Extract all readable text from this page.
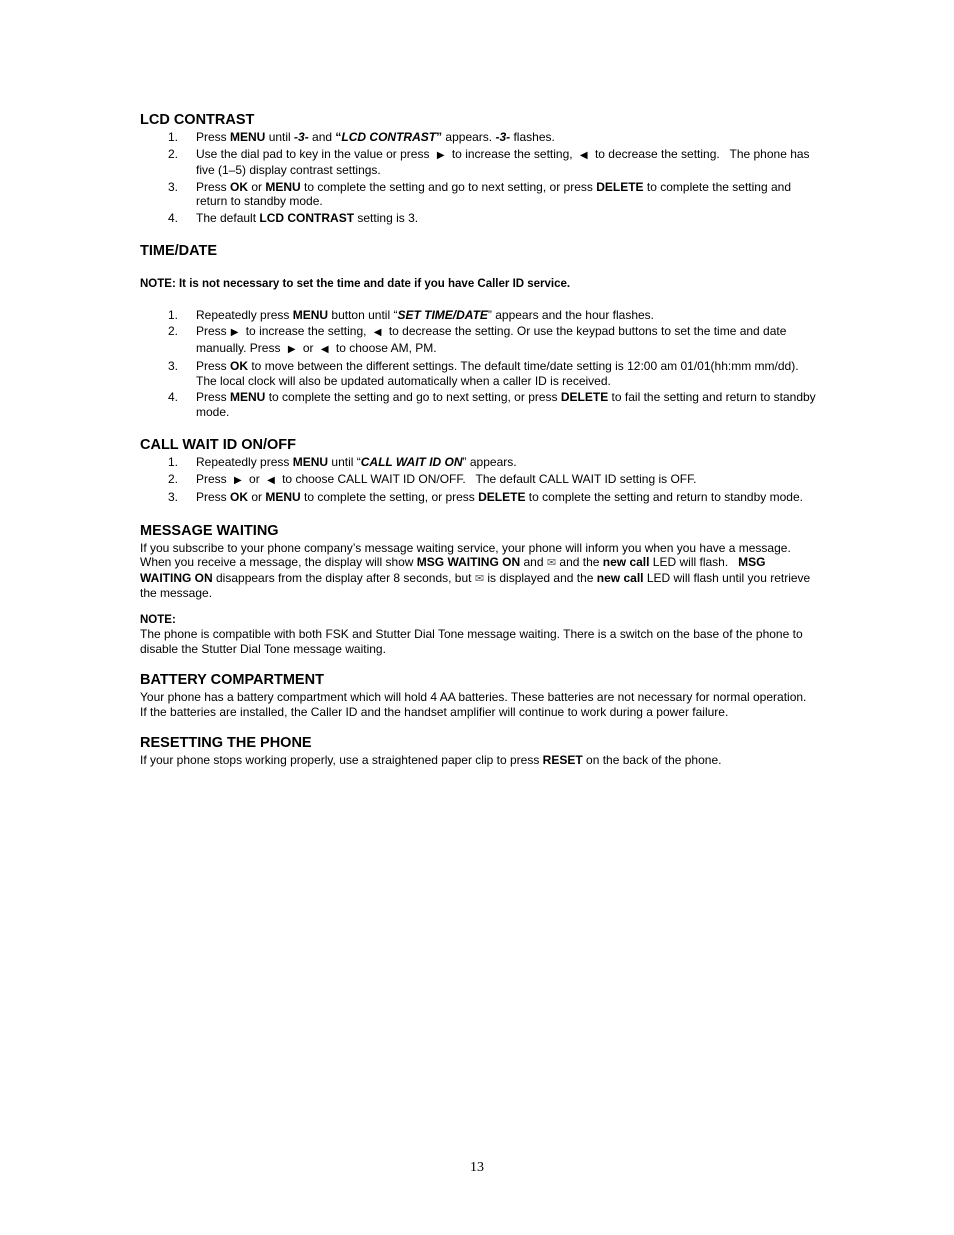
LCD CONTRAST
1. Press MENU until -3- and “LCD CONTRAST” appears. -3- flashes.
2. Use the dial pad to key in the value or press ▶ to increase the setting, ◀ to decrease the setting.   The phone has five (1–5) display contrast settings.
3. Press OK or MENU to complete the setting and go to next setting, or press DELETE to complete the setting and return to standby mode.
4. The default LCD CONTRAST setting is 3.
TIME/DATE

NOTE: It is not necessary to set the time and date if you have Caller ID service.

1. Repeatedly press MENU button until “SET TIME/DATE” appears and the hour flashes.
2. Press ▶ to increase the setting, ◀ to decrease the setting. Or use the keypad buttons to set the time and date manually. Press ▶ or ◀ to choose AM, PM.
3. Press OK to move between the different settings. The default time/date setting is 12:00 am 01/01(hh:mm mm/dd). The local clock will also be updated automatically when a caller ID is received.
4. Press MENU to complete the setting and go to next setting, or press DELETE to fail the setting and return to standby mode.
CALL WAIT ID ON/OFF
1. Repeatedly press MENU until “CALL WAIT ID ON” appears.
2. Press ▶ or ◀ to choose CALL WAIT ID ON/OFF.   The default CALL WAIT ID setting is OFF.
3. Press OK or MENU to complete the setting, or press DELETE to complete the setting and return to standby mode.
MESSAGE WAITING

If you subscribe to your phone company’s message waiting service, your phone will inform you when you have a message. When you receive a message, the display will show MSG WAITING ON and ✉ and the new call LED will flash.   MSG WAITING ON disappears from the display after 8 seconds, but ✉ is displayed and the new call LED will flash until you retrieve the message.

NOTE:

The phone is compatible with both FSK and Stutter Dial Tone message waiting. There is a switch on the base of the phone to disable the Stutter Dial Tone message waiting.

BATTERY COMPARTMENT

Your phone has a battery compartment which will hold 4 AA batteries. These batteries are not necessary for normal operation. If the batteries are installed, the Caller ID and the handset amplifier will continue to work during a power failure.

RESETTING THE PHONE

If your phone stops working properly, use a straightened paper clip to press RESET on the back of the phone.

13
